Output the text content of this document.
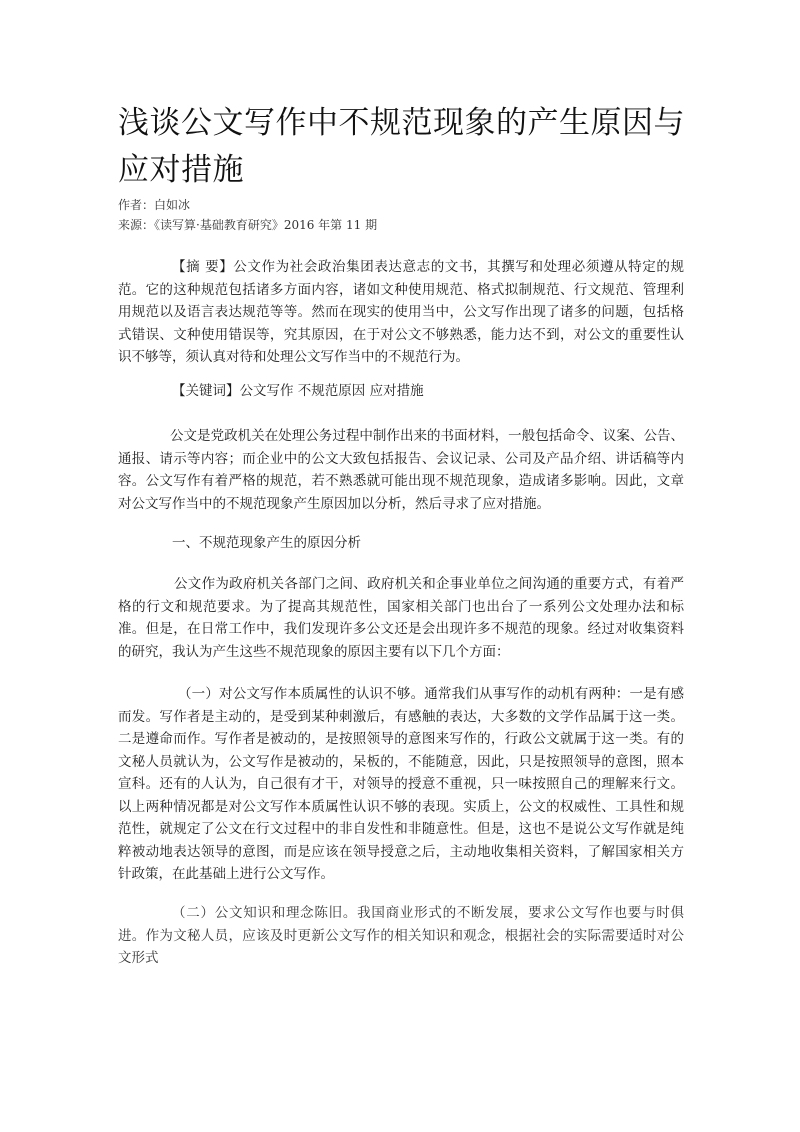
浅谈公文写作中不规范现象的产生原因与应对措施

作者：白如冰

来源：《读写算·基础教育研究》2016 年第 11 期

【摘 要】公文作为社会政治集团表达意志的文书，其撰写和处理必须遵从特定的规范。它的这种规范包括诸多方面内容，诸如文种使用规范、格式拟制规范、行文规范、管理利用规范以及语言表达规范等等。然而在现实的使用当中，公文写作出现了诸多的问题，包括格式错误、文种使用错误等，究其原因，在于对公文不够熟悉，能力达不到，对公文的重要性认识不够等，须认真对待和处理公文写作当中的不规范行为。

【关键词】公文写作 不规范原因 应对措施

公文是党政机关在处理公务过程中制作出来的书面材料，一般包括命令、议案、公告、通报、请示等内容；而企业中的公文大致包括报告、会议记录、公司及产品介绍、讲话稿等内容。公文写作有着严格的规范，若不熟悉就可能出现不规范现象，造成诸多影响。因此，文章对公文写作当中的不规范现象产生原因加以分析，然后寻求了应对措施。

一、不规范现象产生的原因分析

公文作为政府机关各部门之间、政府机关和企事业单位之间沟通的重要方式，有着严格的行文和规范要求。为了提高其规范性，国家相关部门也出台了一系列公文处理办法和标准。但是，在日常工作中，我们发现许多公文还是会出现许多不规范的现象。经过对收集资料的研究，我认为产生这些不规范现象的原因主要有以下几个方面：

（一）对公文写作本质属性的认识不够。通常我们从事写作的动机有两种：一是有感而发。写作者是主动的，是受到某种刺激后，有感触的表达，大多数的文学作品属于这一类。二是遵命而作。写作者是被动的，是按照领导的意图来写作的，行政公文就属于这一类。有的文秘人员就认为，公文写作是被动的，呆板的，不能随意，因此，只是按照领导的意图，照本宣科。还有的人认为，自己很有才干，对领导的授意不重视，只一味按照自己的理解来行文。以上两种情况都是对公文写作本质属性认识不够的表现。实质上，公文的权威性、工具性和规范性，就规定了公文在行文过程中的非自发性和非随意性。但是，这也不是说公文写作就是纯粹被动地表达领导的意图，而是应该在领导授意之后，主动地收集相关资料，了解国家相关方针政策，在此基础上进行公文写作。

（二）公文知识和理念陈旧。我国商业形式的不断发展，要求公文写作也要与时俱进。作为文秘人员，应该及时更新公文写作的相关知识和观念，根据社会的实际需要适时对公文形式
